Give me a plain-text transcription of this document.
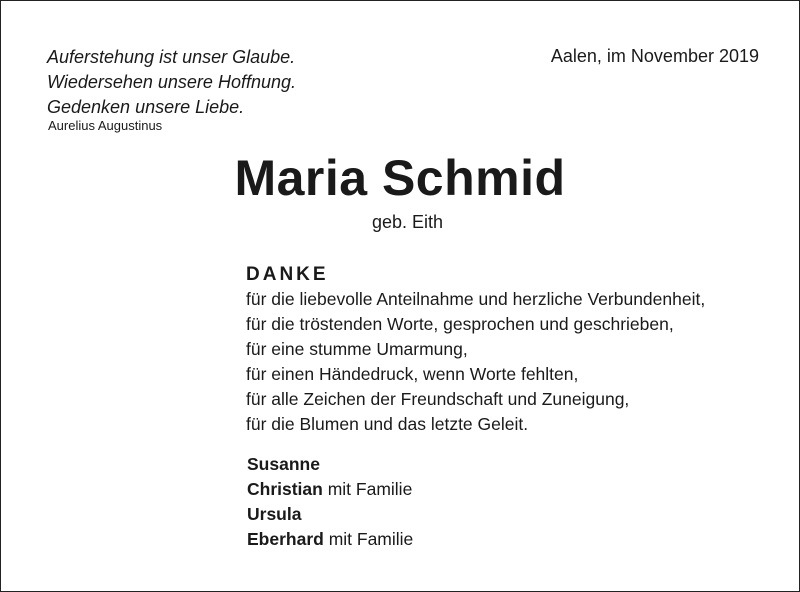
Auferstehung ist unser Glaube.
Wiedersehen unsere Hoffnung.
Gedenken unsere Liebe.
Aurelius Augustinus
Aalen, im November 2019
Maria Schmid
geb. Eith
DANKE
für die liebevolle Anteilnahme und herzliche Verbundenheit,
für die tröstenden Worte, gesprochen und geschrieben,
für eine stumme Umarmung,
für einen Händedruck, wenn Worte fehlten,
für alle Zeichen der Freundschaft und Zuneigung,
für die Blumen und das letzte Geleit.
Susanne
Christian mit Familie
Ursula
Eberhard mit Familie
